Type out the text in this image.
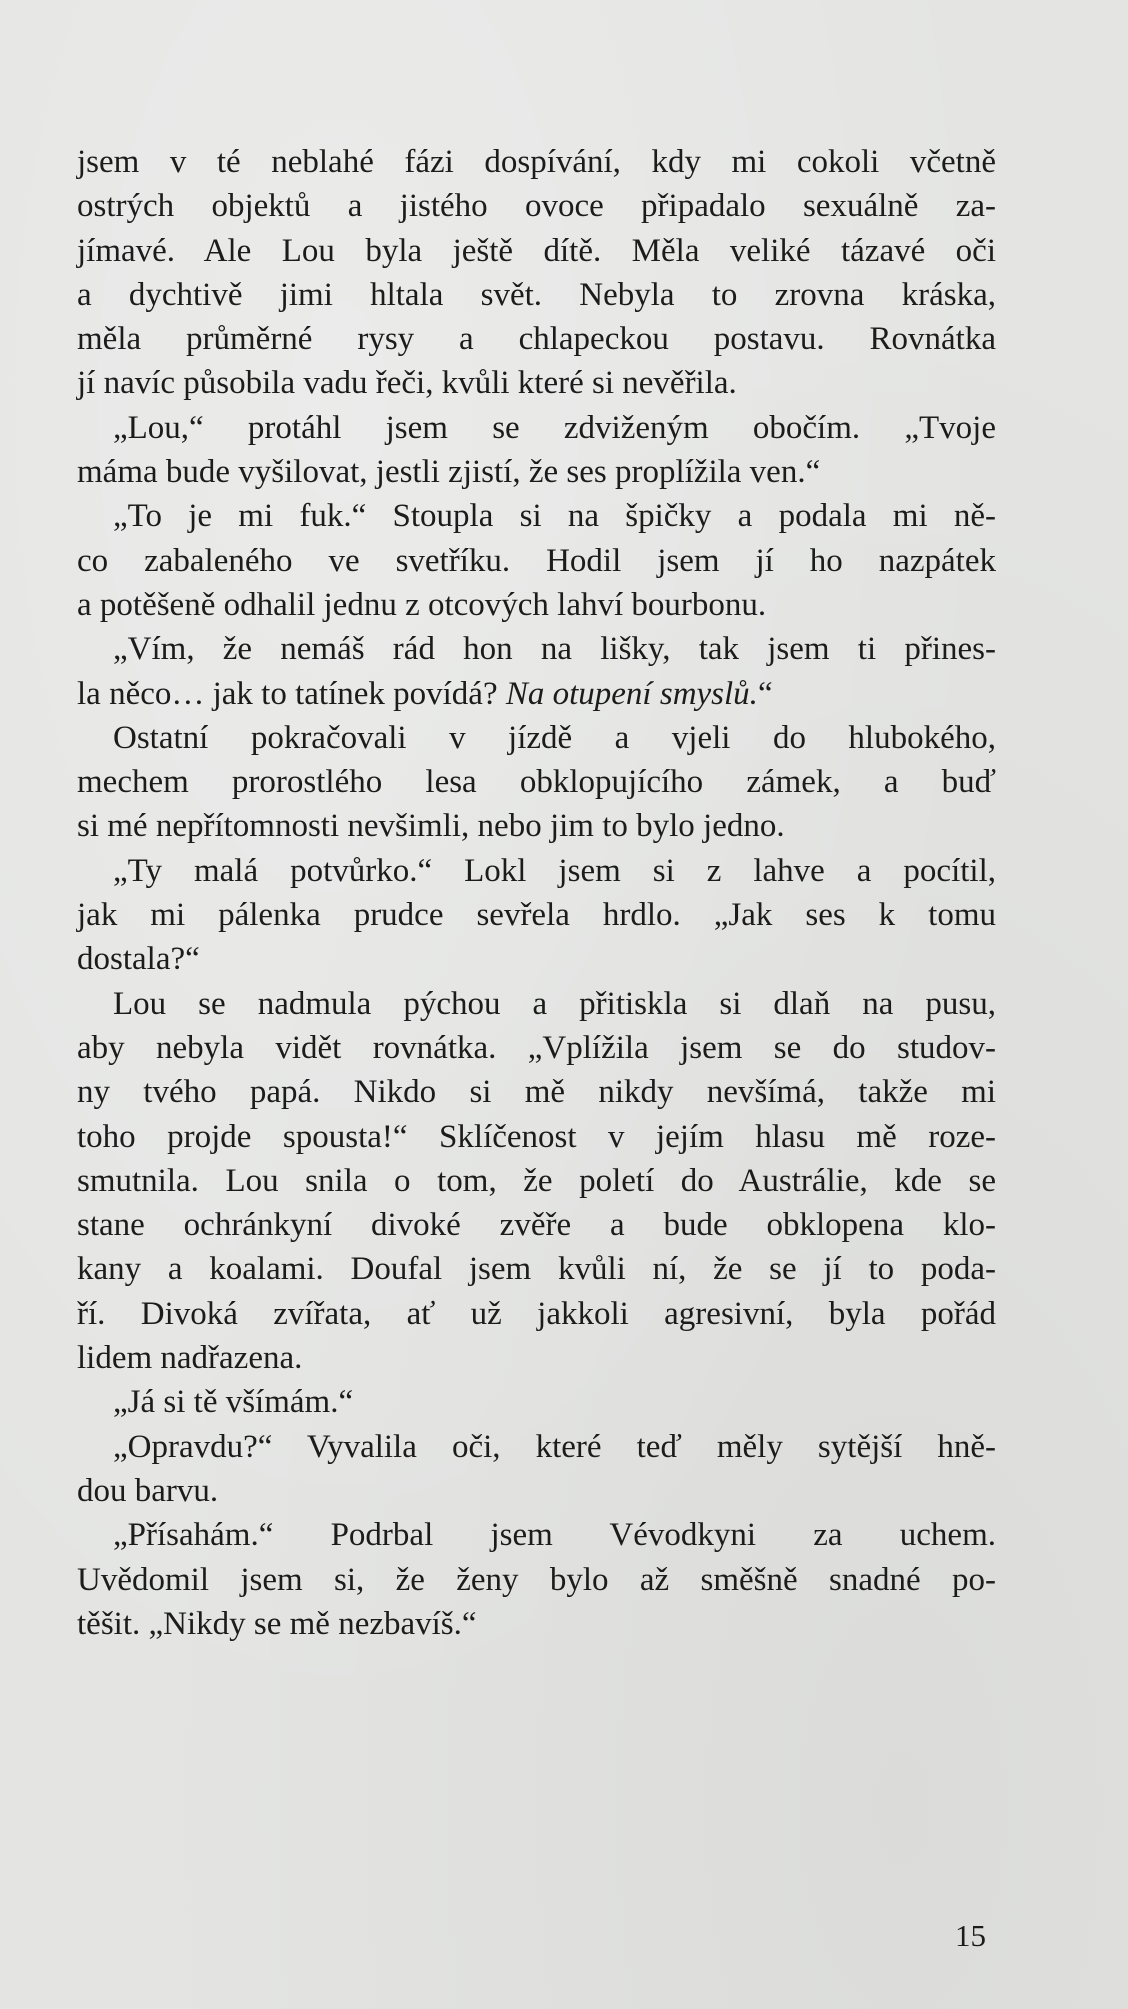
jsem v té neblahé fázi dospívání, kdy mi cokoli včetně
ostrých objektů a jistého ovoce připadalo sexuálně za-
jímavé. Ale Lou byla ještě dítě. Měla veliké tázavé oči
a dychtivě jimi hltala svět. Nebyla to zrovna kráska,
měla průměrné rysy a chlapeckou postavu. Rovnátka
jí navíc působila vadu řeči, kvůli které si nevěřila.
„Lou,“ protáhl jsem se zdviženým obočím. „Tvoje
máma bude vyšilovat, jestli zjistí, že ses proplížila ven.“
„To je mi fuk.“ Stoupla si na špičky a podala mi ně-
co zabaleného ve svetříku. Hodil jsem jí ho nazpátek
a potěšeně odhalil jednu z otcových lahví bourbonu.
„Vím, že nemáš rád hon na lišky, tak jsem ti přines-
la něco… jak to tatínek povídá? Na otupení smyslů.“
Ostatní pokračovali v jízdě a vjeli do hlubokého,
mechem prorostlého lesa obklopujícího zámek, a buď
si mé nepřítomnosti nevšimli, nebo jim to bylo jedno.
„Ty malá potvůrko.“ Lokl jsem si z lahve a pocítil,
jak mi pálenka prudce sevřela hrdlo. „Jak ses k tomu
dostala?“
Lou se nadmula pýchou a přitiskla si dlaň na pusu,
aby nebyla vidět rovnátka. „Vplížila jsem se do studov-
ny tvého papá. Nikdo si mě nikdy nevšímá, takže mi
toho projde spousta!“ Sklíčenost v jejím hlasu mě roze-
smutnila. Lou snila o tom, že poletí do Austrálie, kde se
stane ochránkyní divoké zvěře a bude obklopena klo-
kany a koalami. Doufal jsem kvůli ní, že se jí to poda-
ří. Divoká zvířata, ať už jakkoli agresivní, byla pořád
lidem nadřazena.
„Já si tě všímám.“
„Opravdu?“ Vyvalila oči, které teď měly sytější hně-
dou barvu.
„Přísahám.“ Podrbal jsem Vévodkyni za uchem.
Uvědomil jsem si, že ženy bylo až směšně snadné po-
těšit. „Nikdy se mě nezbavíš.“
15
